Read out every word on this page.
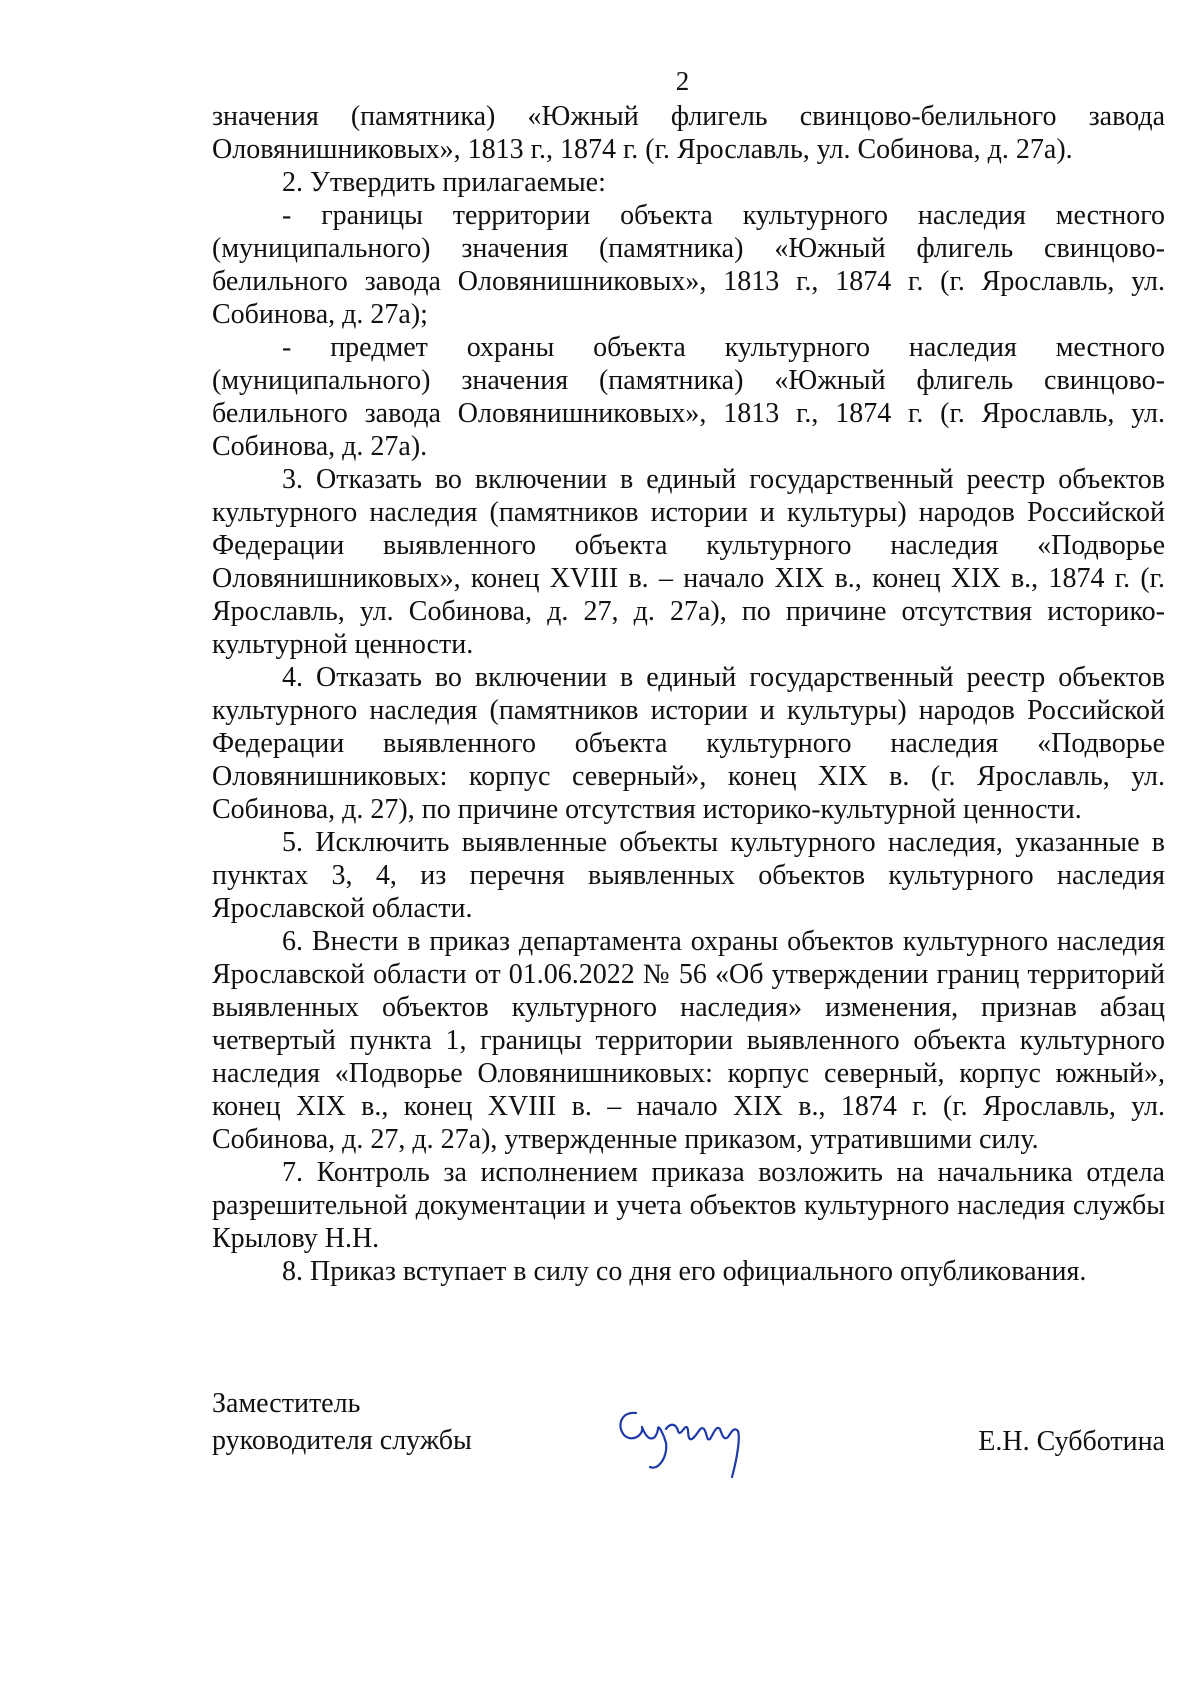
2

значения (памятника) «Южный флигель свинцово-белильного завода Оловянишниковых», 1813 г., 1874 г. (г. Ярославль, ул. Собинова, д. 27а).

2. Утвердить прилагаемые:

- границы территории объекта культурного наследия местного (муниципального) значения (памятника) «Южный флигель свинцово-белильного завода Оловянишниковых», 1813 г., 1874 г. (г. Ярославль, ул. Собинова, д. 27а);

- предмет охраны объекта культурного наследия местного (муниципального) значения (памятника) «Южный флигель свинцово-белильного завода Оловянишниковых», 1813 г., 1874 г. (г. Ярославль, ул. Собинова, д. 27а).

3. Отказать во включении в единый государственный реестр объектов культурного наследия (памятников истории и культуры) народов Российской Федерации выявленного объекта культурного наследия «Подворье Оловянишниковых», конец XVIII в. – начало XIX в., конец XIX в., 1874 г. (г. Ярославль, ул. Собинова, д. 27, д. 27а), по причине отсутствия историко-культурной ценности.

4. Отказать во включении в единый государственный реестр объектов культурного наследия (памятников истории и культуры) народов Российской Федерации выявленного объекта культурного наследия «Подворье Оловянишниковых: корпус северный», конец XIX в. (г. Ярославль, ул. Собинова, д. 27), по причине отсутствия историко-культурной ценности.

5. Исключить выявленные объекты культурного наследия, указанные в пунктах 3, 4, из перечня выявленных объектов культурного наследия Ярославской области.

6. Внести в приказ департамента охраны объектов культурного наследия Ярославской области от 01.06.2022 № 56 «Об утверждении границ территорий выявленных объектов культурного наследия» изменения, признав абзац четвертый пункта 1, границы территории выявленного объекта культурного наследия «Подворье Оловянишниковых: корпус северный, корпус южный», конец XIX в., конец XVIII в. – начало XIX в., 1874 г. (г. Ярославль, ул. Собинова, д. 27, д. 27а), утвержденные приказом, утратившими силу.

7. Контроль за исполнением приказа возложить на начальника отдела разрешительной документации и учета объектов культурного наследия службы Крылову Н.Н.

8. Приказ вступает в силу со дня его официального опубликования.

Заместитель
руководителя службы	Е.Н. Субботина
